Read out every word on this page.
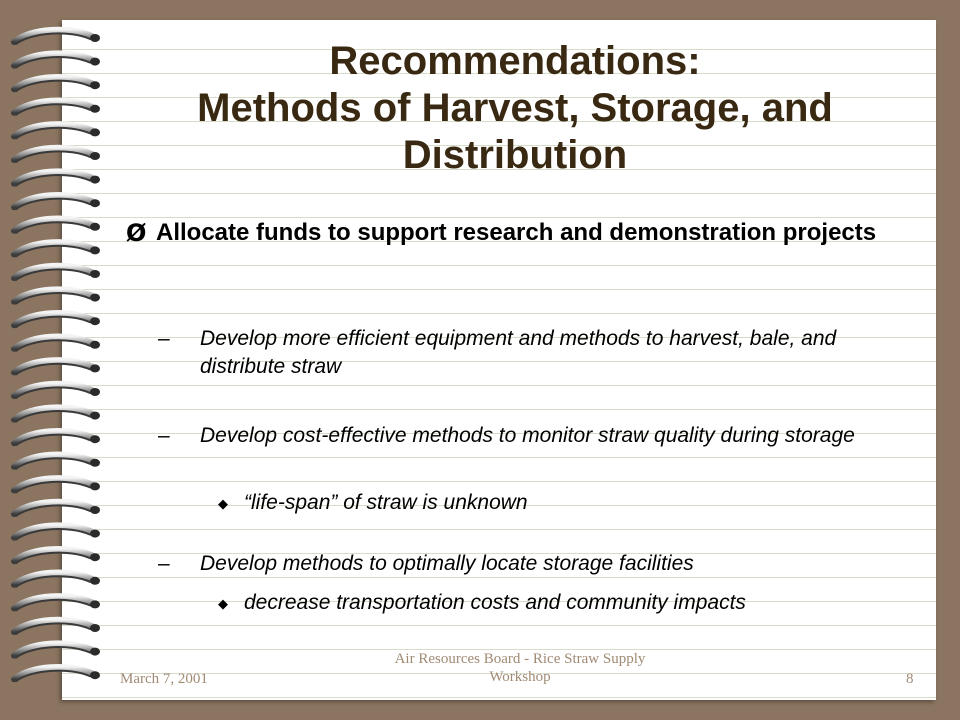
Recommendations:
Methods of Harvest, Storage, and
Distribution
Ø Allocate funds to support research and demonstration projects
– Develop more efficient equipment and methods to harvest, bale, and distribute straw
– Develop cost-effective methods to monitor straw quality during storage
◆ “life-span” of straw is unknown
– Develop methods to optimally locate storage facilities
◆ decrease transportation costs and community impacts
March 7, 2001
Air Resources Board - Rice Straw Supply Workshop	8
